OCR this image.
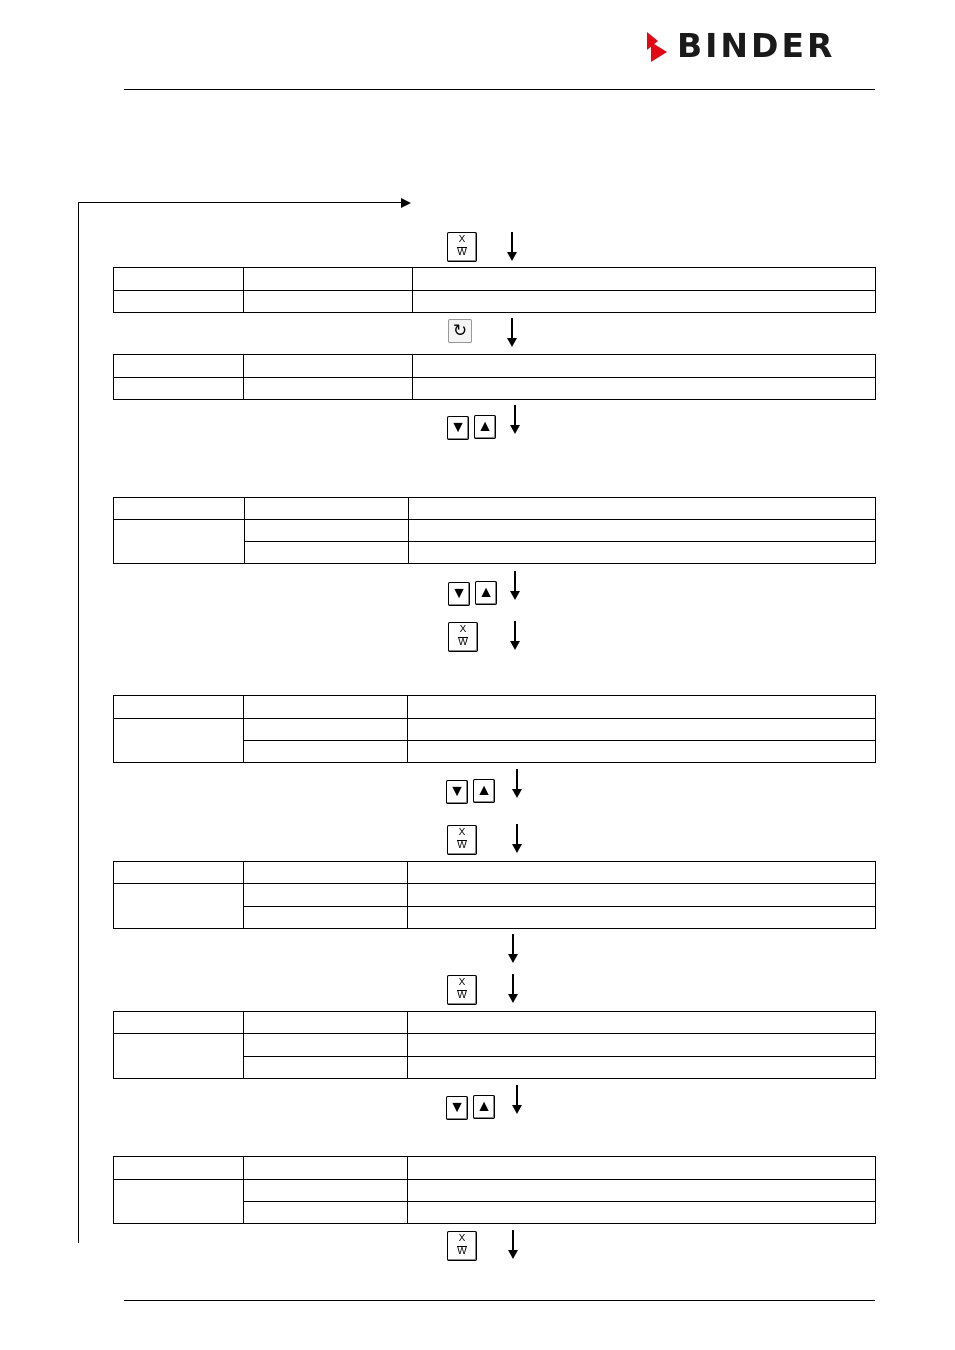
BINDER
X
W

↻

▼ ▲

▼ ▲
X
W

▼ ▲
X
W

X
W

▼ ▲

X
W
